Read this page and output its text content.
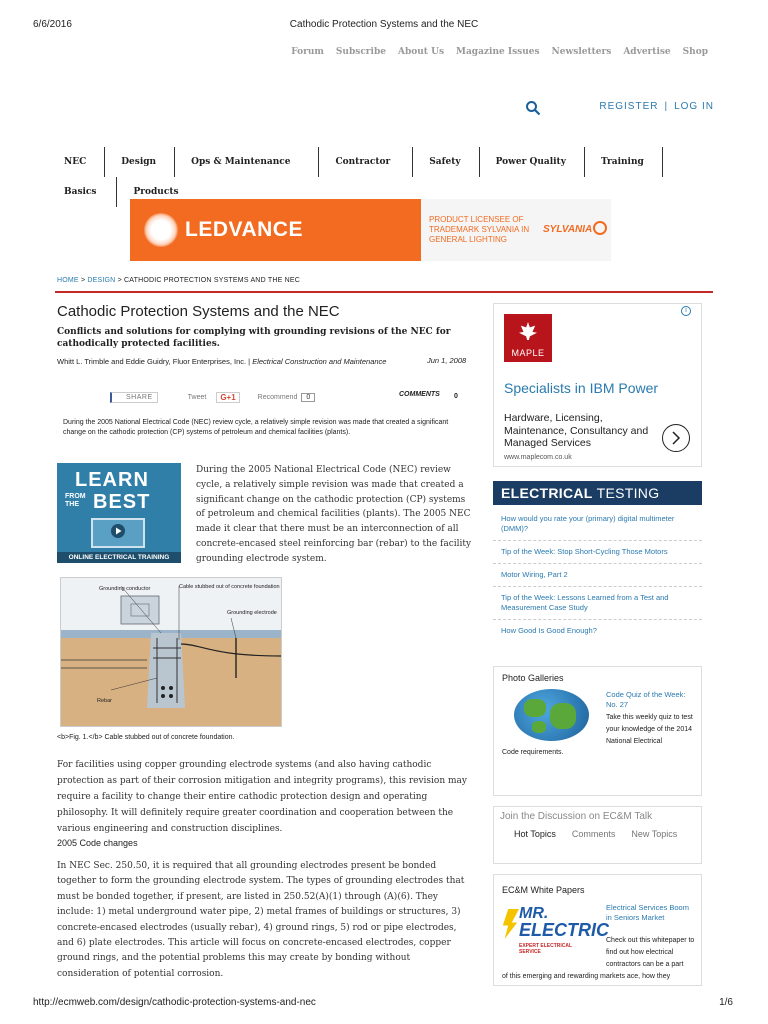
6/6/2016	Cathodic Protection Systems and the NEC
Forum Subscribe About Us Magazine Issues Newsletters Advertise Shop
REGISTER | LOG IN
NEC	Design	Ops & Maintenance	Contractor	Safety	Power Quality	Training
Basics	Products
LEDVANCE	PRODUCT LICENSEE OF TRADEMARK SYLVANIA IN GENERAL LIGHTING
SYLVANIA
HOME > DESIGN > CATHODIC PROTECTION SYSTEMS AND THE NEC
Cathodic Protection Systems and the NEC
Conflicts and solutions for complying with grounding revisions of the NEC for cathodically protected facilities.
Whitt L. Trimble and Eddie Guidry, Fluor Enterprises, Inc. | Electrical Construction and Maintenance	Jun 1, 2008
SHARE	Tweet	G+1	Recommend	0	COMMENTS 0
During the 2005 National Electrical Code (NEC) review cycle, a relatively simple revision was made that created a significant change on the cathodic protection (CP) systems of petroleum and chemical facilities (plants).
LEARN
FROM THE BEST
ONLINE ELECTRICAL TRAINING
During the 2005 National Electrical Code (NEC) review cycle, a relatively simple revision was made that created a significant change on the cathodic protection (CP) systems of petroleum and chemical facilities (plants). The 2005 NEC made it clear that there must be an interconnection of all concrete-encased steel reinforcing bar (rebar) to the facility grounding electrode system.
Grounding conductor	Cable stubbed out of concrete foundation
Grounding electrode
Rebar
<b>Fig. 1.</b> Cable stubbed out of concrete foundation.
For facilities using copper grounding electrode systems (and also having cathodic protection as part of their corrosion mitigation and integrity programs), this revision may require a facility to change their entire cathodic protection design and operating philosophy. It will definitely require greater coordination and cooperation between the various engineering and construction disciplines.
2005 Code changes
In NEC Sec. 250.50, it is required that all grounding electrodes present be bonded together to form the grounding electrode system. The types of grounding electrodes that must be bonded together, if present, are listed in 250.52(A)(1) through (A)(6). They include: 1) metal underground water pipe, 2) metal frames of buildings or structures, 3) concrete-encased electrodes (usually rebar), 4) ground rings, 5) rod or pipe electrodes, and 6) plate electrodes. This article will focus on concrete-encased electrodes, copper ground rings, and the potential problems this may create by bonding without consideration of potential corrosion.
i
MAPLE
Specialists in IBM Power
Hardware, Licensing, Maintenance, Consultancy and Managed Services
www.maplecom.co.uk
ELECTRICAL TESTING
How would you rate your (primary) digital multimeter (DMM)?
Tip of the Week: Stop Short-Cycling Those Motors
Motor Wiring, Part 2
Tip of the Week: Lessons Learned from a Test and Measurement Case Study
How Good Is Good Enough?
Photo Galleries
Code Quiz of the Week: No. 27
Take this weekly quiz to test your knowledge of the 2014 National Electrical
Code requirements.
Join the Discussion on EC&M Talk
Hot Topics	Comments	New Topics
EC&M White Papers
MR.
ELECTRIC
EXPERT ELECTRICAL SERVICE
Electrical Services Boom in Seniors Market
Check out this whitepaper to find out how electrical contractors can be a part
of this emerging and rewarding markets ace, how they
http://ecmweb.com/design/cathodic-protection-systems-and-nec	1/6
